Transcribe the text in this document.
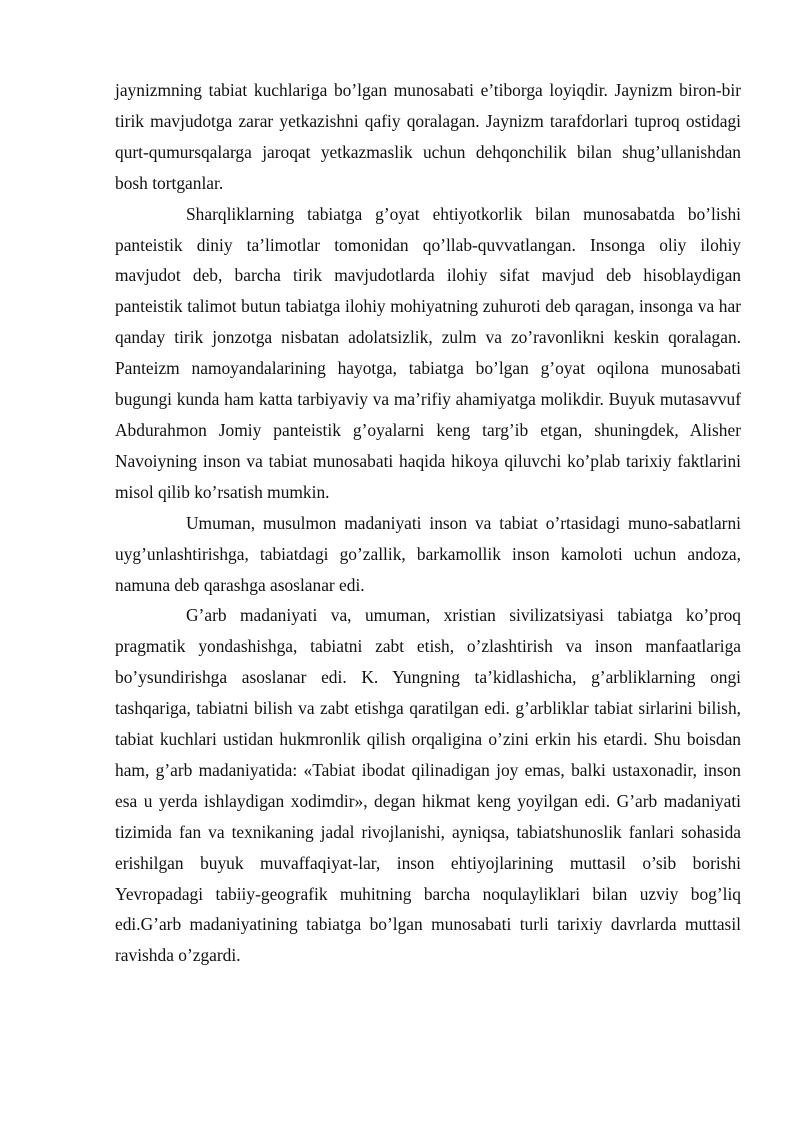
jaynizmning tabiat kuchlariga bo’lgan munosabati e’tiborga loyiqdir. Jaynizm biron-bir tirik mavjudotga zarar yetkazishni qafiy qoralagan. Jaynizm tarafdorlari tuproq ostidagi qurt-qumursqalarga jaroqat yetkazmaslik uchun dehqonchilik bilan shug’ullanishdan bosh tortganlar.

Sharqliklarning tabiatga g’oyat ehtiyotkorlik bilan munosabatda bo’lishi panteistik diniy ta’limotlar tomonidan qo’llab-quvvatlangan. Insonga oliy ilohiy mavjudot deb, barcha tirik mavjudotlarda ilohiy sifat mavjud deb hisoblaydigan panteistik talimot butun tabiatga ilohiy mohiyatning zuhuroti deb qaragan, insonga va har qanday tirik jonzotga nisbatan adolatsizlik, zulm va zo’ravonlikni keskin qoralagan. Panteizm namoyandalarining hayotga, tabiatga bo’lgan g’oyat oqilona munosabati bugungi kunda ham katta tarbiyaviy va ma’rifiy ahamiyatga molikdir. Buyuk mutasavvuf Abdurahmon Jomiy panteistik g’oyalarni keng targ’ib etgan, shuningdek, Alisher Navoiyning inson va tabiat munosabati haqida hikoya qiluvchi ko’plab tarixiy faktlarini misol qilib ko’rsatish mumkin.

Umuman, musulmon madaniyati inson va tabiat o’rtasidagi muno-sabatlarni uyg’unlashtirishga, tabiatdagi go’zallik, barkamollik inson kamoloti uchun andoza, namuna deb qarashga asoslanar edi.

G’arb madaniyati va, umuman, xristian sivilizatsiyasi tabiatga ko’proq pragmatik yondashishga, tabiatni zabt etish, o’zlashtirish va inson manfaatlariga bo’ysundirishga asoslanar edi. K. Yungning ta’kidlashicha, g’arbliklarning ongi tashqariga, tabiatni bilish va zabt etishga qaratilgan edi. g’arbliklar tabiat sirlarini bilish, tabiat kuchlari ustidan hukmronlik qilish orqaligina o’zini erkin his etardi. Shu boisdan ham, g’arb madaniyatida: «Tabiat ibodat qilinadigan joy emas, balki ustaxonadir, inson esa u yerda ishlaydigan xodimdir», degan hikmat keng yoyilgan edi. G’arb madaniyati tizimida fan va texnikaning jadal rivojlanishi, ayniqsa, tabiatshunoslik fanlari sohasida erishilgan buyuk muvaffaqiyat-lar, inson ehtiyojlarining muttasil o’sib borishi Yevropadagi tabiiy-geografik muhitning barcha noqulayliklari bilan uzviy bog’liq edi.G’arb madaniyatining tabiatga bo’lgan munosabati turli tarixiy davrlarda muttasil ravishda o’zgardi.
